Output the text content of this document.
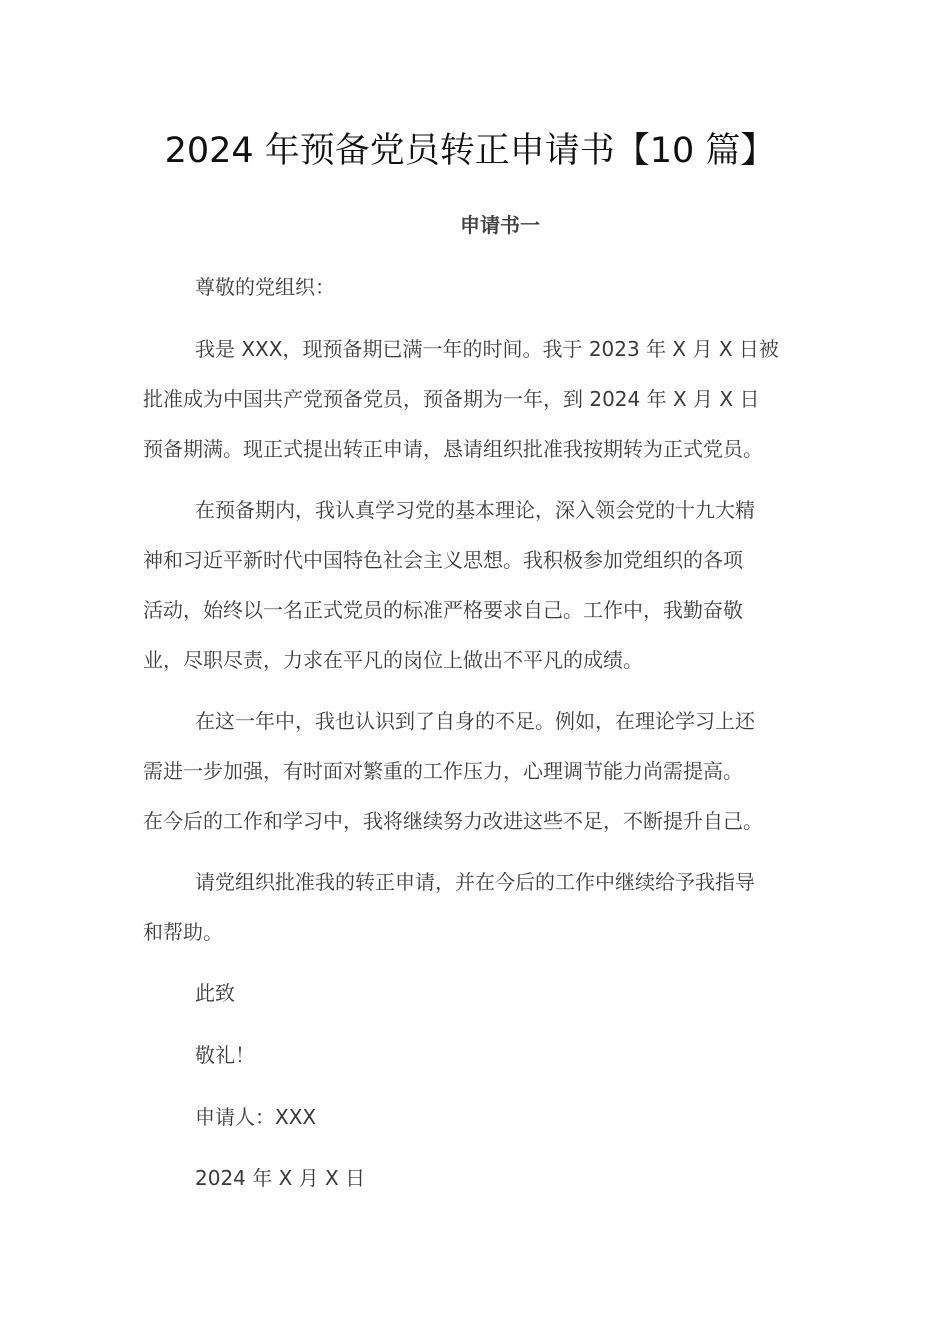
2024 年预备党员转正申请书【10 篇】
申请书一

尊敬的党组织：

我是 XXX，现预备期已满一年的时间。我于 2023 年 X 月 X 日被

批准成为中国共产党预备党员，预备期为一年，到 2024 年 X 月 X 日

预备期满。现正式提出转正申请，恳请组织批准我按期转为正式党员。

在预备期内，我认真学习党的基本理论，深入领会党的十九大精

神和习近平新时代中国特色社会主义思想。我积极参加党组织的各项

活动，始终以一名正式党员的标准严格要求自己。工作中，我勤奋敬

业，尽职尽责，力求在平凡的岗位上做出不平凡的成绩。

在这一年中，我也认识到了自身的不足。例如，在理论学习上还

需进一步加强，有时面对繁重的工作压力，心理调节能力尚需提高。

在今后的工作和学习中，我将继续努力改进这些不足，不断提升自己。

请党组织批准我的转正申请，并在今后的工作中继续给予我指导

和帮助。

此致

敬礼！

申请人：XXX

2024 年 X 月 X 日
